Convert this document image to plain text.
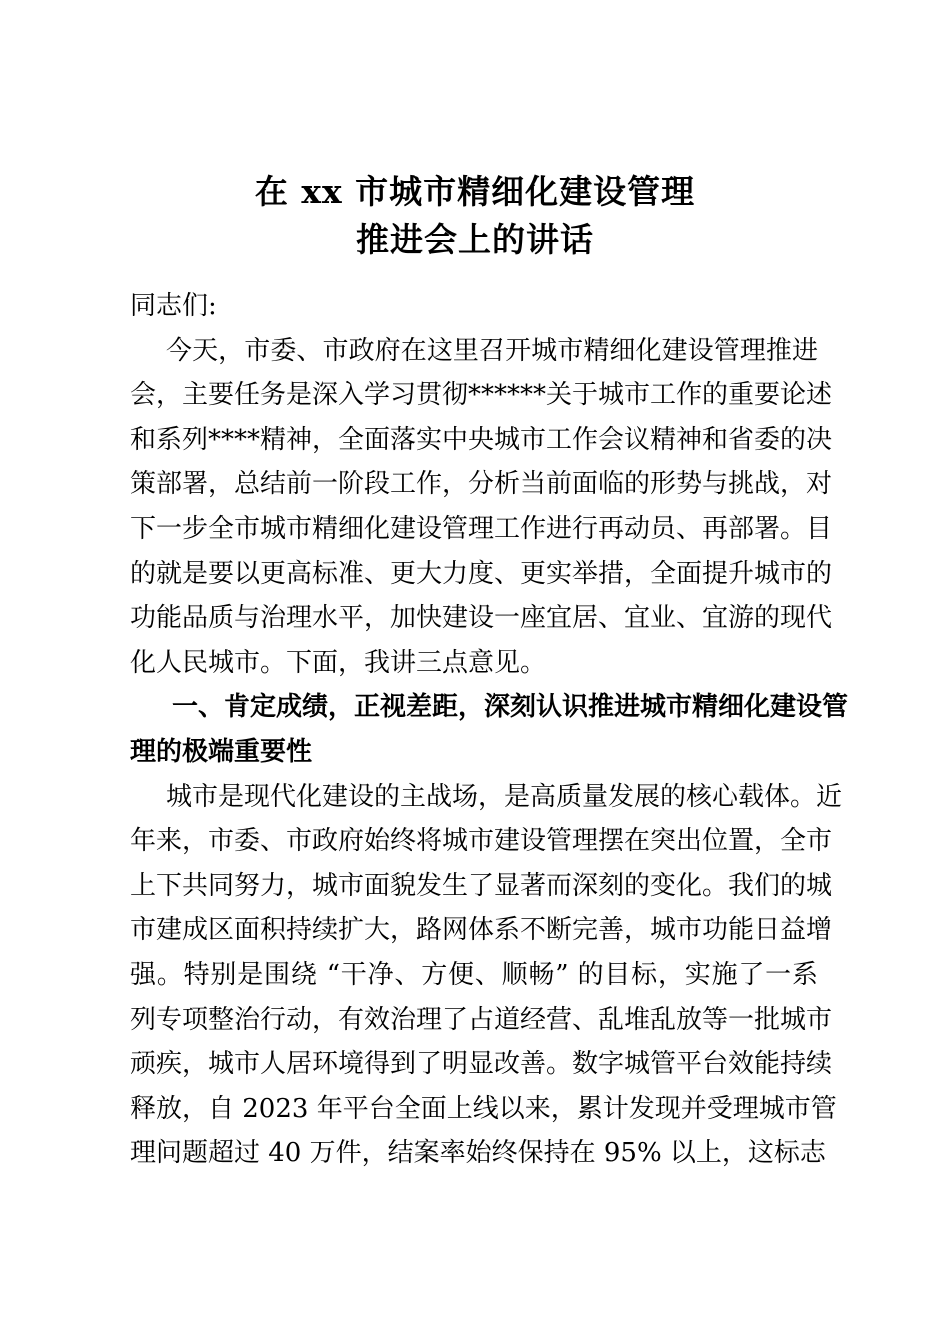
在 xx 市城市精细化建设管理
推进会上的讲话
同志们:
今天，市委、市政府在这里召开城市精细化建设管理推进
会，主要任务是深入学习贯彻******关于城市工作的重要论述
和系列****精神，全面落实中央城市工作会议精神和省委的决
策部署，总结前一阶段工作，分析当前面临的形势与挑战，对
下一步全市城市精细化建设管理工作进行再动员、再部署。目
的就是要以更高标准、更大力度、更实举措，全面提升城市的
功能品质与治理水平，加快建设一座宜居、宜业、宜游的现代
化人民城市。下面，我讲三点意见。
一、肯定成绩，正视差距，深刻认识推进城市精细化建设管
理的极端重要性
城市是现代化建设的主战场，是高质量发展的核心载体。近
年来，市委、市政府始终将城市建设管理摆在突出位置，全市
上下共同努力，城市面貌发生了显著而深刻的变化。我们的城
市建成区面积持续扩大，路网体系不断完善，城市功能日益增
强。特别是围绕 “干净、方便、顺畅” 的目标，实施了一系
列专项整治行动，有效治理了占道经营、乱堆乱放等一批城市
顽疾，城市人居环境得到了明显改善。数字城管平台效能持续
释放，自 2023 年平台全面上线以来，累计发现并受理城市管
理问题超过 40 万件，结案率始终保持在 95% 以上，这标志
